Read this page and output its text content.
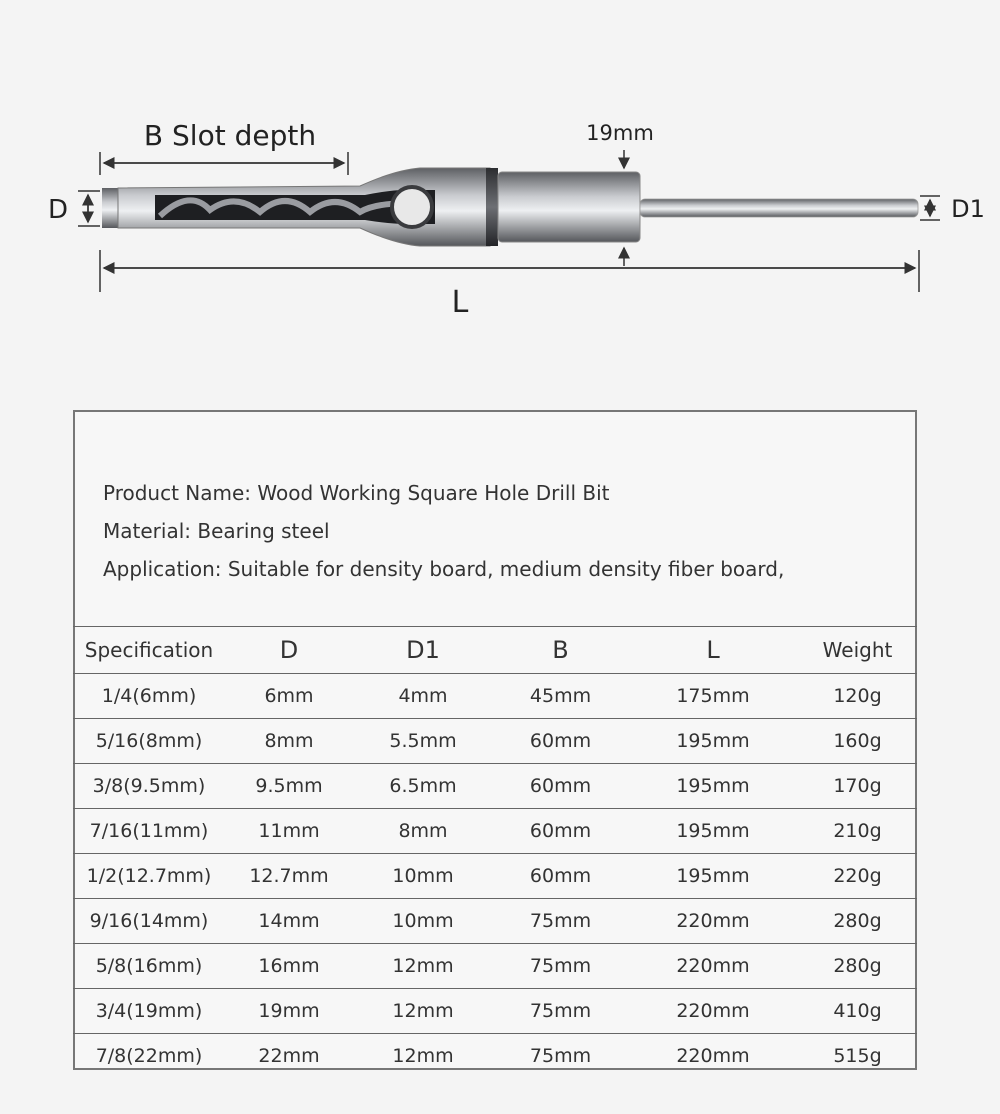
B Slot depth
D
19mm
D1
L
Product Name: Wood Working Square Hole Drill Bit
Material: Bearing steel
Application: Suitable for density board, medium density fiber board,
Specification	D	D1	B	L	Weight
1/4(6mm)	6mm	4mm	45mm	175mm	120g
5/16(8mm)	8mm	5.5mm	60mm	195mm	160g
3/8(9.5mm)	9.5mm	6.5mm	60mm	195mm	170g
7/16(11mm)	11mm	8mm	60mm	195mm	210g
1/2(12.7mm)	12.7mm	10mm	60mm	195mm	220g
9/16(14mm)	14mm	10mm	75mm	220mm	280g
5/8(16mm)	16mm	12mm	75mm	220mm	280g
3/4(19mm)	19mm	12mm	75mm	220mm	410g
7/8(22mm)	22mm	12mm	75mm	220mm	515g
